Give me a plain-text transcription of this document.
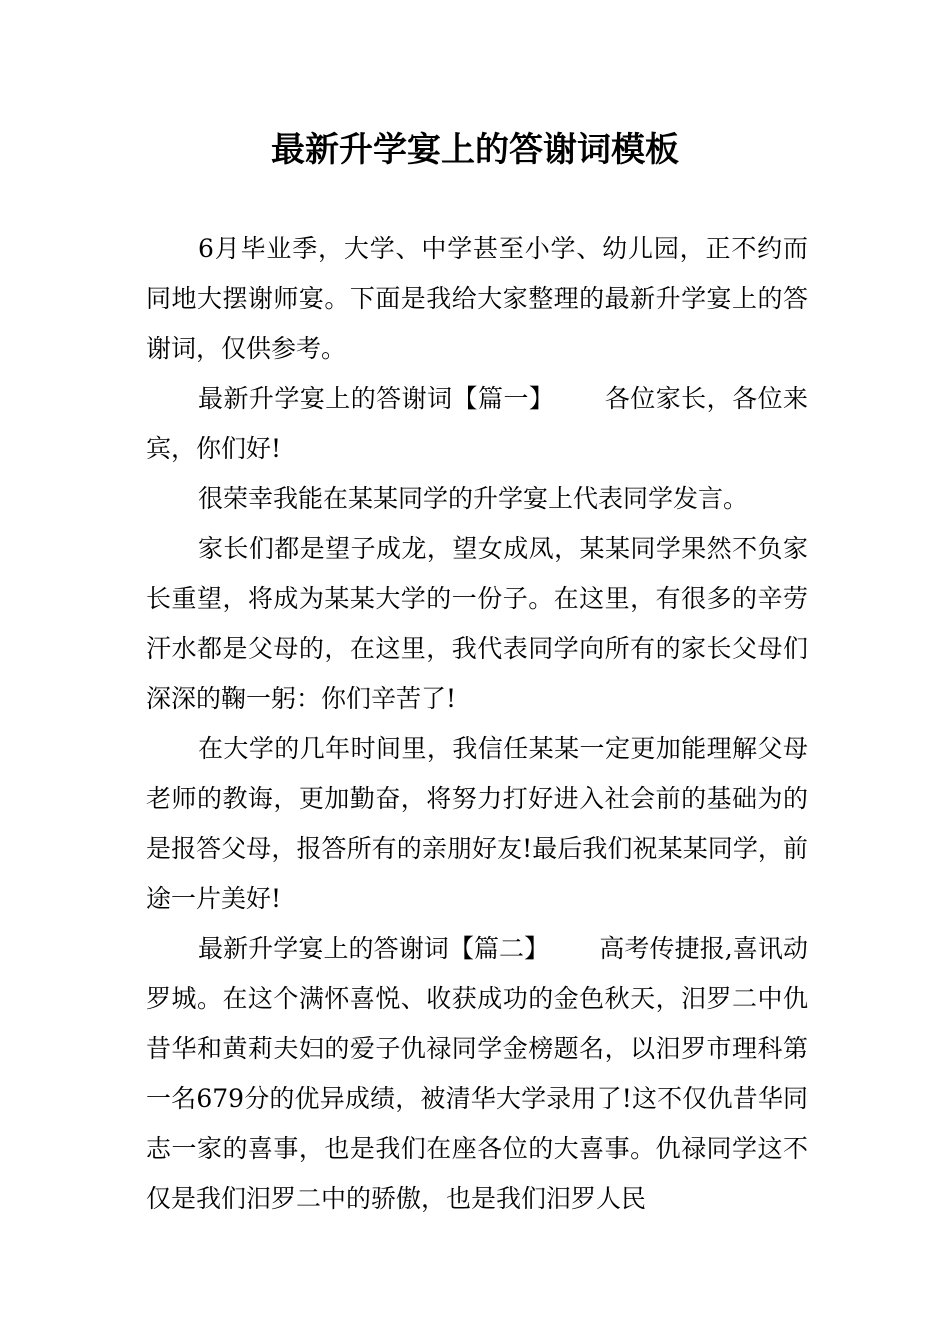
最新升学宴上的答谢词模板

6月毕业季，大学、中学甚至小学、幼儿园，正不约而同地大摆谢师宴。下面是我给大家整理的最新升学宴上的答谢词，仅供参考。

最新升学宴上的答谢词【篇一】 各位家长，各位来宾，你们好!

很荣幸我能在某某同学的升学宴上代表同学发言。

家长们都是望子成龙，望女成凤，某某同学果然不负家长重望，将成为某某大学的一份子。在这里，有很多的辛劳汗水都是父母的，在这里，我代表同学向所有的家长父母们深深的鞠一躬：你们辛苦了!

在大学的几年时间里，我信任某某一定更加能理解父母老师的教诲，更加勤奋，将努力打好进入社会前的基础为的是报答父母，报答所有的亲朋好友!最后我们祝某某同学，前途一片美好!

最新升学宴上的答谢词【篇二】 高考传捷报,喜讯动罗城。在这个满怀喜悦、收获成功的金色秋天，汨罗二中仇昔华和黄莉夫妇的爱子仇禄同学金榜题名，以汨罗市理科第一名679分的优异成绩，被清华大学录用了!这不仅仇昔华同志一家的喜事，也是我们在座各位的大喜事。仇禄同学这不仅是我们汨罗二中的骄傲，也是我们汨罗人民
